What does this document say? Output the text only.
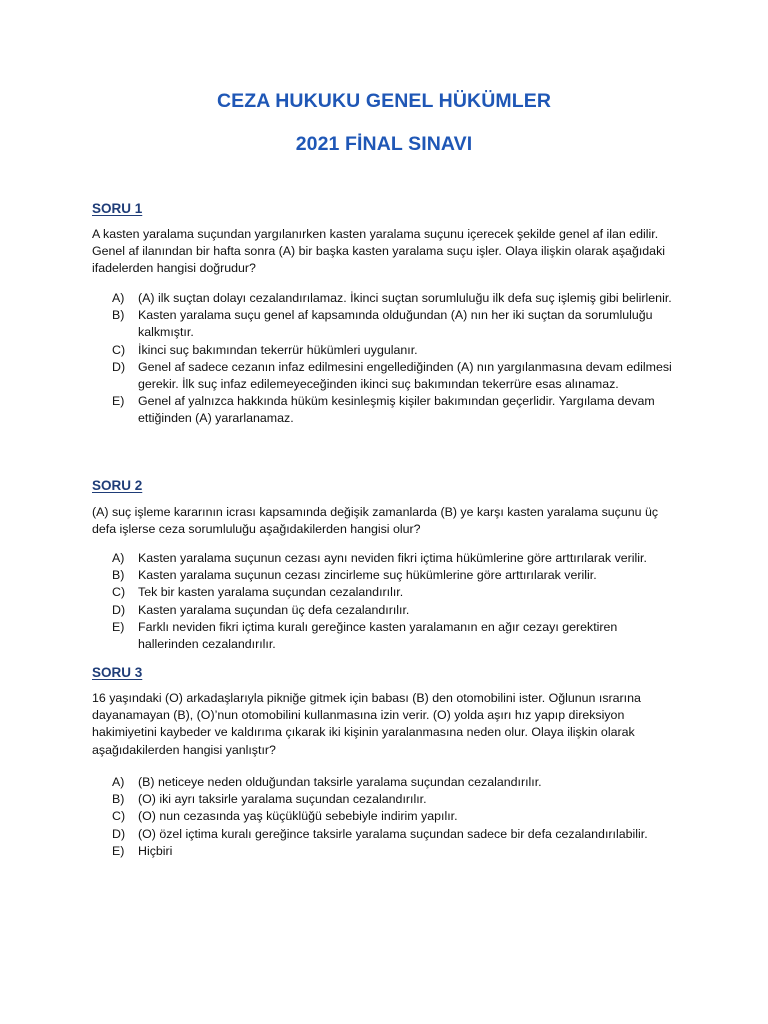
CEZA HUKUKU GENEL HÜKÜMLER
2021 FİNAL SINAVI
SORU 1
A kasten yaralama suçundan yargılanırken kasten yaralama suçunu içerecek şekilde genel af ilan edilir. Genel af ilanından bir hafta sonra (A) bir başka kasten yaralama suçu işler. Olaya ilişkin olarak aşağıdaki ifadelerden hangisi doğrudur?
A)	(A) ilk suçtan dolayı cezalandırılamaz. İkinci suçtan sorumluluğu ilk defa suç işlemiş gibi belirlenir.
B)	Kasten yaralama suçu genel af kapsamında olduğundan (A) nın her iki suçtan da sorumluluğu kalkmıştır.
C)	İkinci suç bakımından tekerrür hükümleri uygulanır.
D)	Genel af sadece cezanın infaz edilmesini engellediğinden (A) nın yargılanmasına devam edilmesi gerekir. İlk suç infaz edilemeyeceğinden ikinci suç bakımından tekerrüre esas alınamaz.
E)	Genel af yalnızca hakkında hüküm kesinleşmiş kişiler bakımından geçerlidir. Yargılama devam ettiğinden (A) yararlanamaz.
SORU 2
(A) suç işleme kararının icrası kapsamında değişik zamanlarda (B) ye karşı kasten yaralama suçunu üç defa işlerse ceza sorumluluğu aşağıdakilerden hangisi olur?
A)	Kasten yaralama suçunun cezası aynı neviden fikri içtima hükümlerine göre arttırılarak verilir.
B)	Kasten yaralama suçunun cezası zincirleme suç hükümlerine göre arttırılarak verilir.
C)	Tek bir kasten yaralama suçundan cezalandırılır.
D)	Kasten yaralama suçundan üç defa cezalandırılır.
E)	Farklı neviden fikri içtima kuralı gereğince kasten yaralamanın en ağır cezayı gerektiren hallerinden cezalandırılır.
SORU 3
16 yaşındaki (O) arkadaşlarıyla pikniğe gitmek için babası (B) den otomobilini ister. Oğlunun ısrarına dayanamayan (B), (O)’nun otomobilini kullanmasına izin verir. (O) yolda aşırı hız yapıp direksiyon hakimiyetini kaybeder ve kaldırıma çıkarak iki kişinin yaralanmasına neden olur. Olaya ilişkin olarak aşağıdakilerden hangisi yanlıştır?
A)	(B) neticeye neden olduğundan taksirle yaralama suçundan cezalandırılır.
B)	(O) iki ayrı taksirle yaralama suçundan cezalandırılır.
C)	(O) nun cezasında yaş küçüklüğü sebebiyle indirim yapılır.
D)	(O) özel içtima kuralı gereğince taksirle yaralama suçundan sadece bir defa cezalandırılabilir.
E)	Hiçbiri
